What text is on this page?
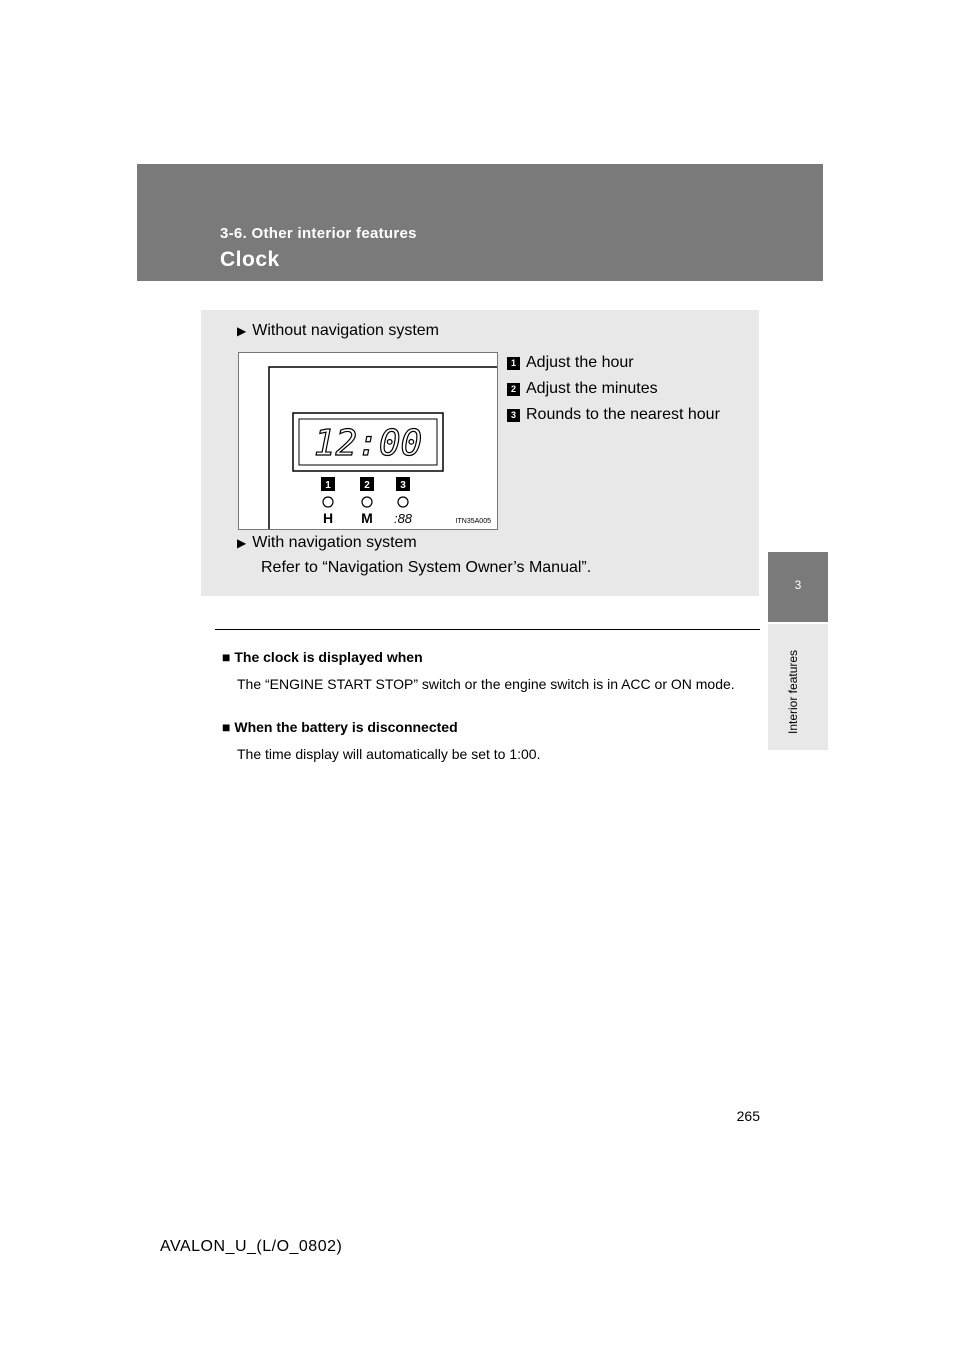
3-6. Other interior features
Clock
3
Interior features
▶ Without navigation system
12:00
1	2	3
H M :88	ITN35A005
1 Adjust the hour
2 Adjust the minutes
3 Rounds to the nearest hour
▶ With navigation system
Refer to “Navigation System Owner’s Manual”.
■ The clock is displayed when
The “ENGINE START STOP” switch or the engine switch is in ACC or ON mode.
■ When the battery is disconnected
The time display will automatically be set to 1:00.
265
AVALON_U_(L/O_0802)
